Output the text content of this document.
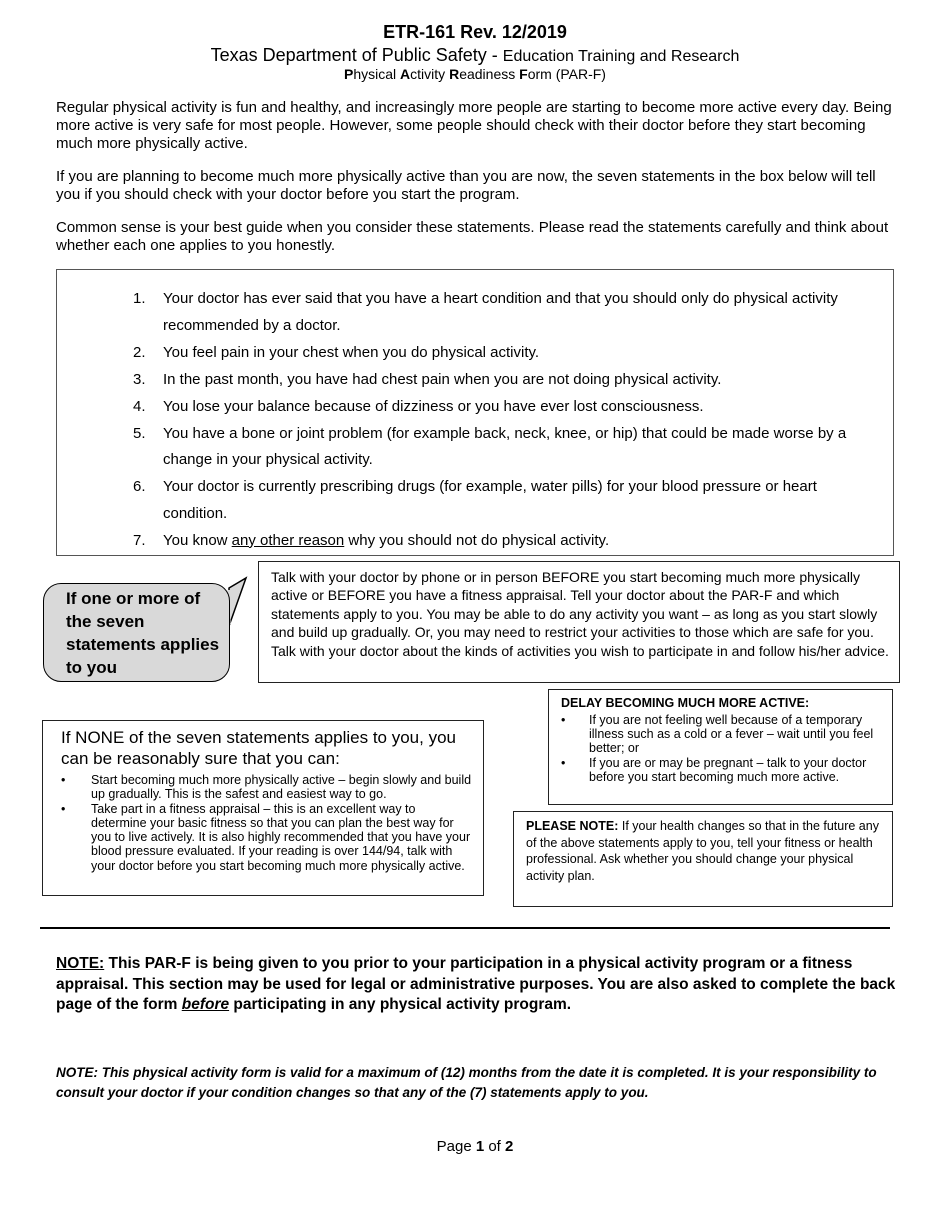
ETR-161 Rev. 12/2019
Texas Department of Public Safety - Education Training and Research
Physical Activity Readiness Form (PAR-F)

Regular physical activity is fun and healthy, and increasingly more people are starting to become more active every day. Being more active is very safe for most people. However, some people should check with their doctor before they start becoming much more physically active.

If you are planning to become much more physically active than you are now, the seven statements in the box below will tell you if you should check with your doctor before you start the program.

Common sense is your best guide when you consider these statements. Please read the statements carefully and think about whether each one applies to you honestly.

1.	Your doctor has ever said that you have a heart condition and that you should only do physical activity recommended by a doctor.
2.	You feel pain in your chest when you do physical activity.
3.	In the past month, you have had chest pain when you are not doing physical activity.
4.	You lose your balance because of dizziness or you have ever lost consciousness.
5.	You have a bone or joint problem (for example back, neck, knee, or hip) that could be made worse by a change in your physical activity.
6.	Your doctor is currently prescribing drugs (for example, water pills) for your blood pressure or heart condition.
7.	You know any other reason why you should not do physical activity.
If one or more of the seven statements applies to you
Talk with your doctor by phone or in person BEFORE you start becoming much more physically active or BEFORE you have a fitness appraisal. Tell your doctor about the PAR-F and which statements apply to you. You may be able to do any activity you want – as long as you start slowly and build up gradually. Or, you may need to restrict your activities to those which are safe for you. Talk with your doctor about the kinds of activities you wish to participate in and follow his/her advice.

If NONE of the seven statements applies to you, you can be reasonably sure that you can:

• Start becoming much more physically active – begin slowly and build up gradually. This is the safest and easiest way to go.
• Take part in a fitness appraisal – this is an excellent way to determine your basic fitness so that you can plan the best way for you to live actively. It is also highly recommended that you have your blood pressure evaluated. If your reading is over 144/94, talk with your doctor before you start becoming much more physically active.

DELAY BECOMING MUCH MORE ACTIVE:

• If you are not feeling well because of a temporary illness such as a cold or a fever – wait until you feel better; or
• If you are or may be pregnant – talk to your doctor before you start becoming much more active.
PLEASE NOTE: If your health changes so that in the future any of the above statements apply to you, tell your fitness or health professional. Ask whether you should change your physical activity plan.

NOTE: This PAR-F is being given to you prior to your participation in a physical activity program or a fitness appraisal. This section may be used for legal or administrative purposes. You are also asked to complete the back page of the form before participating in any physical activity program.

NOTE: This physical activity form is valid for a maximum of (12) months from the date it is completed. It is your responsibility to consult your doctor if your condition changes so that any of the (7) statements apply to you.

Page 1 of 2
